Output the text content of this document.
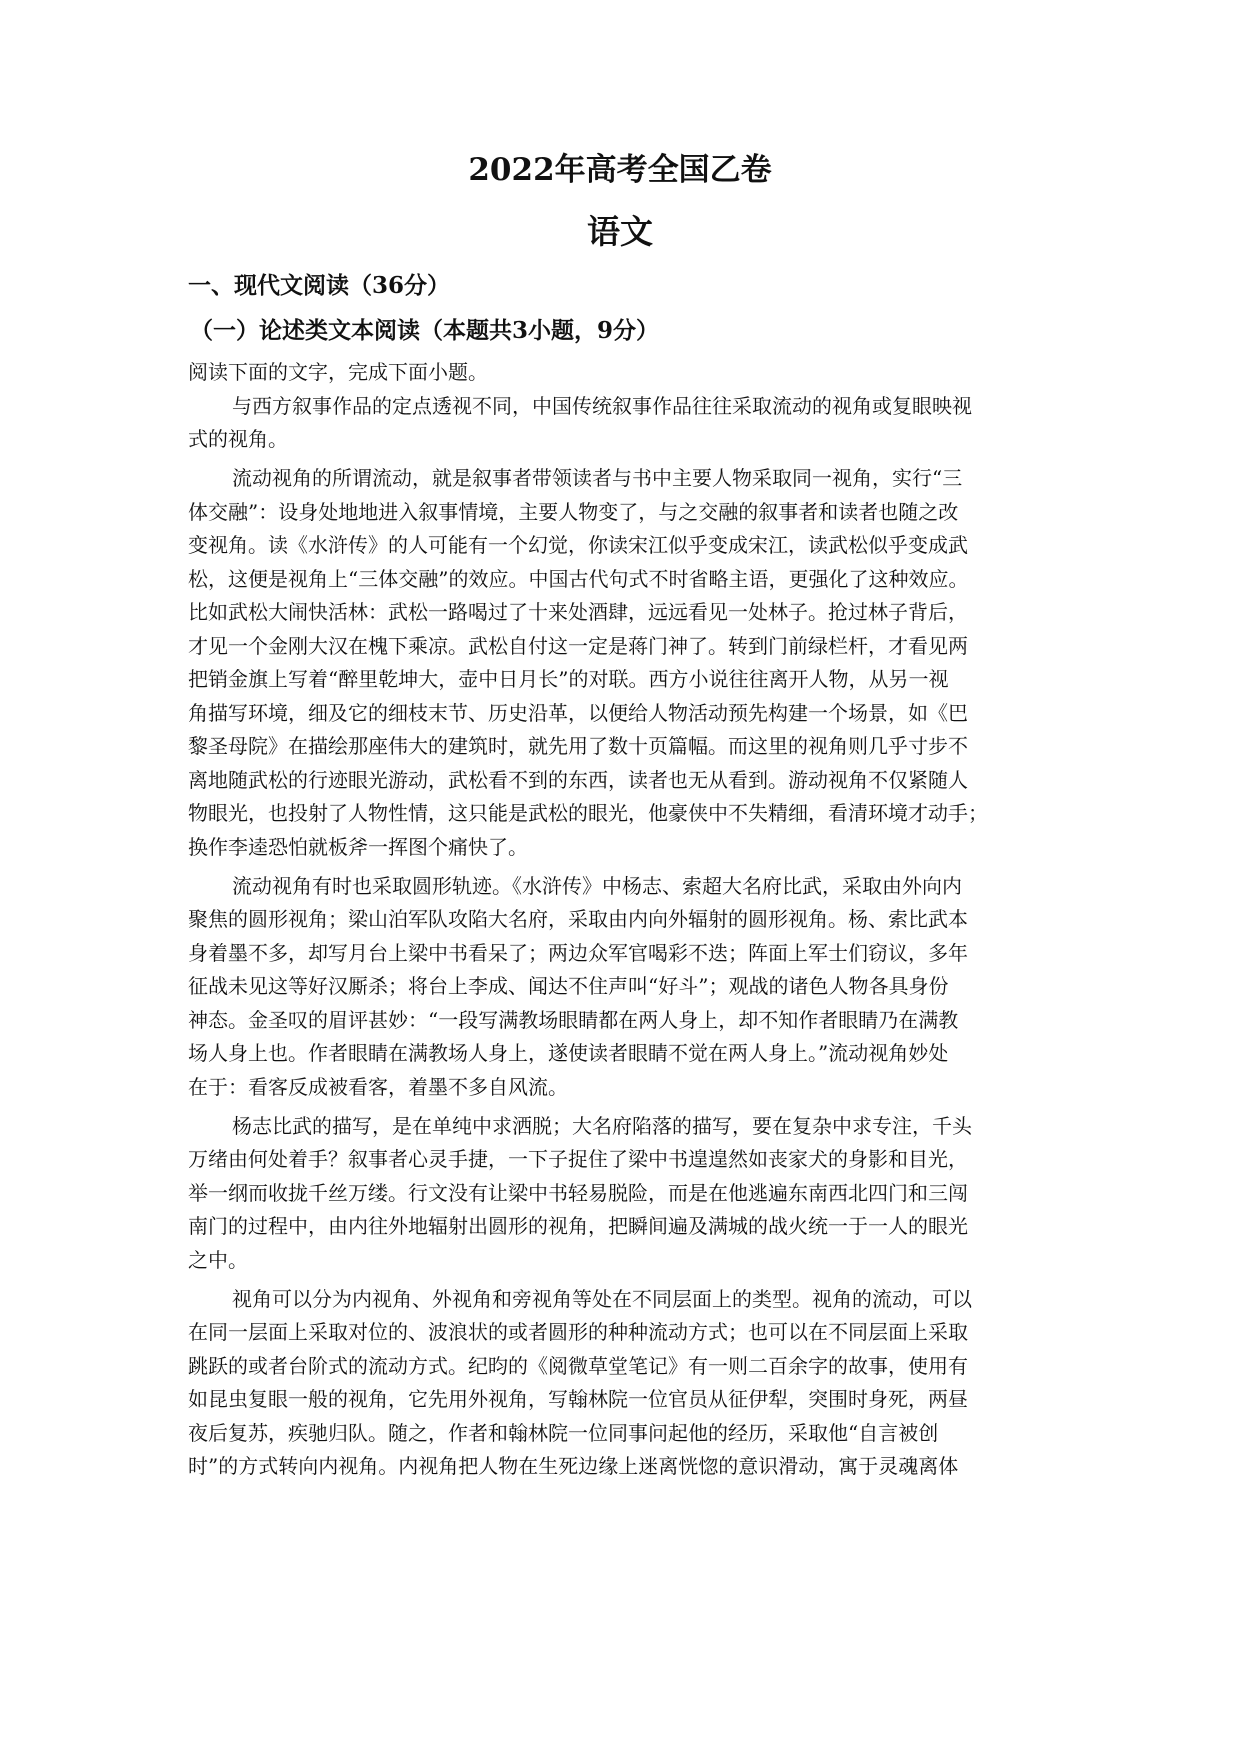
2022年高考全国乙卷
语文
一、现代文阅读（36分）
（一）论述类文本阅读（本题共3小题，9分）

阅读下面的文字，完成下面小题。

与西方叙事作品的定点透视不同，中国传统叙事作品往往采取流动的视角或复眼映视

式的视角。

流动视角的所谓流动，就是叙事者带领读者与书中主要人物采取同一视角，实行“三

体交融”：设身处地地进入叙事情境，主要人物变了，与之交融的叙事者和读者也随之改

变视角。读《水浒传》的人可能有一个幻觉，你读宋江似乎变成宋江，读武松似乎变成武

松，这便是视角上“三体交融”的效应。中国古代句式不时省略主语，更强化了这种效应。

比如武松大闹快活林：武松一路喝过了十来处酒肆，远远看见一处林子。抢过林子背后，

才见一个金刚大汉在槐下乘凉。武松自付这一定是蒋门神了。转到门前绿栏杆，才看见两

把销金旗上写着“醉里乾坤大，壶中日月长”的对联。西方小说往往离开人物，从另一视

角描写环境，细及它的细枝末节、历史沿革，以便给人物活动预先构建一个场景，如《巴

黎圣母院》在描绘那座伟大的建筑时，就先用了数十页篇幅。而这里的视角则几乎寸步不

离地随武松的行迹眼光游动，武松看不到的东西，读者也无从看到。游动视角不仅紧随人

物眼光，也投射了人物性情，这只能是武松的眼光，他豪侠中不失精细，看清环境才动手；

换作李逵恐怕就板斧一挥图个痛快了。

流动视角有时也采取圆形轨迹。《水浒传》中杨志、索超大名府比武，采取由外向内

聚焦的圆形视角；梁山泊军队攻陷大名府，采取由内向外辐射的圆形视角。杨、索比武本

身着墨不多，却写月台上梁中书看呆了；两边众军官喝彩不迭；阵面上军士们窃议，多年

征战未见这等好汉厮杀；将台上李成、闻达不住声叫“好斗”；观战的诸色人物各具身份

神态。金圣叹的眉评甚妙：“一段写满教场眼睛都在两人身上，却不知作者眼睛乃在满教

场人身上也。作者眼睛在满教场人身上，遂使读者眼睛不觉在两人身上。”流动视角妙处

在于：看客反成被看客，着墨不多自风流。

杨志比武的描写，是在单纯中求洒脱；大名府陷落的描写，要在复杂中求专注，千头

万绪由何处着手？叙事者心灵手捷，一下子捉住了梁中书遑遑然如丧家犬的身影和目光，

举一纲而收拢千丝万缕。行文没有让梁中书轻易脱险，而是在他逃遍东南西北四门和三闯

南门的过程中，由内往外地辐射出圆形的视角，把瞬间遍及满城的战火统一于一人的眼光

之中。

视角可以分为内视角、外视角和旁视角等处在不同层面上的类型。视角的流动，可以

在同一层面上采取对位的、波浪状的或者圆形的种种流动方式；也可以在不同层面上采取

跳跃的或者台阶式的流动方式。纪昀的《阅微草堂笔记》有一则二百余字的故事，使用有

如昆虫复眼一般的视角，它先用外视角，写翰林院一位官员从征伊犁，突围时身死，两昼

夜后复苏，疾驰归队。随之，作者和翰林院一位同事问起他的经历，采取他“自言被创

时”的方式转向内视角。内视角把人物在生死边缘上迷离恍惚的意识滑动，寓于灵魂离体
